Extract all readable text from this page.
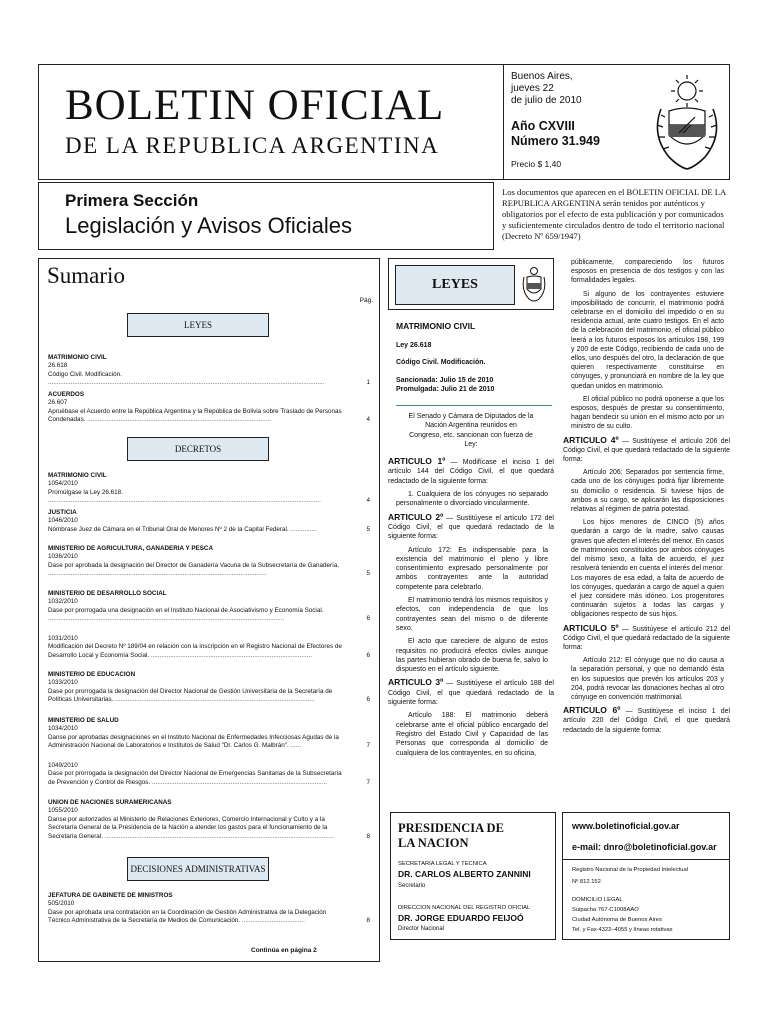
BOLETIN OFICIAL
DE LA REPUBLICA ARGENTINA
Buenos Aires,
jueves 22
de julio de 2010
Año CXVIII
Número 31.949
Precio $ 1,40
Primera Sección
Legislación y Avisos Oficiales
Los documentos que aparecen en el BOLETIN OFICIAL DE LA REPUBLICA ARGENTINA serán tenidos por auténticos y obligatorios por el efecto de esta publicación y por comunicados y suficientemente circulados dentro de todo el territorio nacional (Decreto Nº 659/1947)
Sumario
Pág.
LEYES
MATRIMONIO CIVIL
26.618
Código Civil. Modificación. ..............................................................................................................................................................	1
ACUERDOS
26.607
Apruébase el Acuerdo entre la República Argentina y la República de Bolivia sobre Traslado de Personas Condenadas. .........................................................................................................	4
DECRETOS
MATRIMONIO CIVIL
1054/2010
Promúlgase la Ley 26.618. ............................................................................................................................................................	4
JUSTICIA
1046/2010
Nómbrase Juez de Cámara en el Tribunal Oral de Menores Nº 2 de la Capital Federal. ...............	5
MINISTERIO DE AGRICULTURA, GANADERIA Y PESCA
1036/2010
Dase por aprobada la designación del Director de Ganadería Vacuna de la Subsecretaría de Ganadería. .............................................................................................................................	5
MINISTERIO DE DESARROLLO SOCIAL
1032/2010
Dase por prorrogada una designación en el Instituto Nacional de Asociativismo y Economía Social. .......................................................................................................................................	6
1031/2010
Modificación del Decreto Nº 189/04 en relación con la inscripción en el Registro Nacional de Efectores de Desarrollo Local y Economía Social. ............................................................................................	6
MINISTERIO DE EDUCACION
1033/2010
Dase por prorrogada la designación del Director Nacional de Gestión Universitaria de la Secretaría de Políticas Universitarias. ..................................................................................................................	6
MINISTERIO DE SALUD
1034/2010
Danse por aprobadas designaciones en el Instituto Nacional de Enfermedades Infecciosas Agudas de la Administración Nacional de Laboratorios e Institutos de Salud "Dr. Carlos G. Malbrán". ......	7
1049/2010
Dase por prorrogada la designación del Director Nacional de Emergencias Sanitarias de la Subsecretaría de Prevención y Control de Riesgos. ....................................................................................................	7
UNION DE NACIONES SURAMERICANAS
1055/2010
Danse por autorizados al Ministerio de Relaciones Exteriores, Comercio Internacional y Culto y a la Secretaría General de la Presidencia de la Nación a atender los gastos para el funcionamiento de la Secretaría General. ...................................................................................................................................	8
DECISIONES ADMINISTRATIVAS
JEFATURA DE GABINETE DE MINISTROS
505/2010
Dase por aprobada una contratación en la Coordinación de Gestión Administrativa de la Delegación Técnico Administrativa de la Secretaría de Medios de Comunicación. ....................................	8
Continúa en página 2
LEYES

MATRIMONIO CIVIL

Ley 26.618

Código Civil. Modificación.

Sancionada: Julio 15 de 2010

Promulgada: Julio 21 de 2010

El Senado y Cámara de Diputados de la Nación Argentina reunidos en Congreso, etc. sancionan con fuerza de Ley:

ARTICULO 1º — Modifícase el inciso 1 del artículo 144 del Código Civil, el que quedará redactado de la siguiente forma:

1. Cualquiera de los cónyuges no separado personalmente o divorciado vincularmente.

ARTICULO 2º — Sustitúyese el artículo 172 del Código Civil, el que quedará redactado de la siguiente forma:

Artículo 172: Es indispensable para la existencia del matrimonio el pleno y libre consentimiento expresado personalmente por ambos contrayentes ante la autoridad competente para celebrarlo.

El matrimonio tendrá los mismos requisitos y efectos, con independencia de que los contrayentes sean del mismo o de diferente sexo.

El acto que careciere de alguno de estos requisitos no producirá efectos civiles aunque las partes hubieran obrado de buena fe, salvo lo dispuesto en el artículo siguiente.

ARTICULO 3º — Sustitúyese el artículo 188 del Código Civil, el que quedará redactado de la siguiente forma:

Artículo 188: El matrimonio deberá celebrarse ante el oficial público encargado del Registro del Estado Civil y Capacidad de las Personas que corresponda al domicilio de cualquiera de los contrayentes, en su oficina,

públicamente, compareciendo los futuros esposos en presencia de dos testigos y con las formalidades legales.

Si alguno de los contrayentes estuviere imposibilitado de concurrir, el matrimonio podrá celebrarse en el domicilio del impedido o en su residencia actual, ante cuatro testigos. En el acto de la celebración del matrimonio, el oficial público leerá a los futuros esposos los artículos 198, 199 y 200 de este Código, recibiendo de cada uno de ellos, uno después del otro, la declaración de que quieren respectivamente constituirse en cónyuges, y pronunciará en nombre de la ley que quedan unidos en matrimonio.

El oficial público no podrá oponerse a que los esposos, después de prestar su consentimiento, hagan bendecir su unión en el mismo acto por un ministro de su culto.

ARTICULO 4º — Sustitúyese el artículo 206 del Código Civil, el que quedará redactado de la siguiente forma:

Artículo 206: Separados por sentencia firme, cada uno de los cónyuges podrá fijar libremente su domicilio o residencia. Si tuviese hijos de ambos a su cargo, se aplicarán las disposiciones relativas al régimen de patria potestad.

Los hijos menores de CINCO (5) años quedarán a cargo de la madre, salvo causas graves que afecten el interés del menor. En casos de matrimonios constituidos por ambos cónyuges del mismo sexo, a falta de acuerdo, el juez resolverá teniendo en cuenta el interés del menor. Los mayores de esa edad, a falta de acuerdo de los cónyuges, quedarán a cargo de aquel a quien el juez considere más idóneo. Los progenitores continuarán sujetos a todas las cargas y obligaciones respecto de sus hijos.

ARTICULO 5º — Sustitúyese el artículo 212 del Código Civil, el que quedará redactado de la siguiente forma:

Artículo 212: El cónyuge que no dio causa a la separación personal, y que no demandó ésta en los supuestos que prevén los artículos 203 y 204, podrá revocar las donaciones hechas al otro cónyuge en convención matrimonial.

ARTICULO 6º — Sustitúyese el inciso 1 del artículo 220 del Código Civil, el que quedará redactado de la siguiente forma:

PRESIDENCIA DE LA NACION
SECRETARIA LEGAL Y TECNICA
DR. CARLOS ALBERTO ZANNINI
Secretario
DIRECCION NACIONAL DEL REGISTRO OFICIAL
DR. JORGE EDUARDO FEIJOÓ
Director Nacional
www.boletinoficial.gov.ar
e-mail: dnro@boletinoficial.gov.ar
Registro Nacional de la Propiedad Intelectual
Nº 812.152
DOMICILIO LEGAL
Suipacha 767-C1008AAO
Ciudad Autónoma de Buenos Aires
Tel. y Fax 4322–4055 y líneas rotativas
